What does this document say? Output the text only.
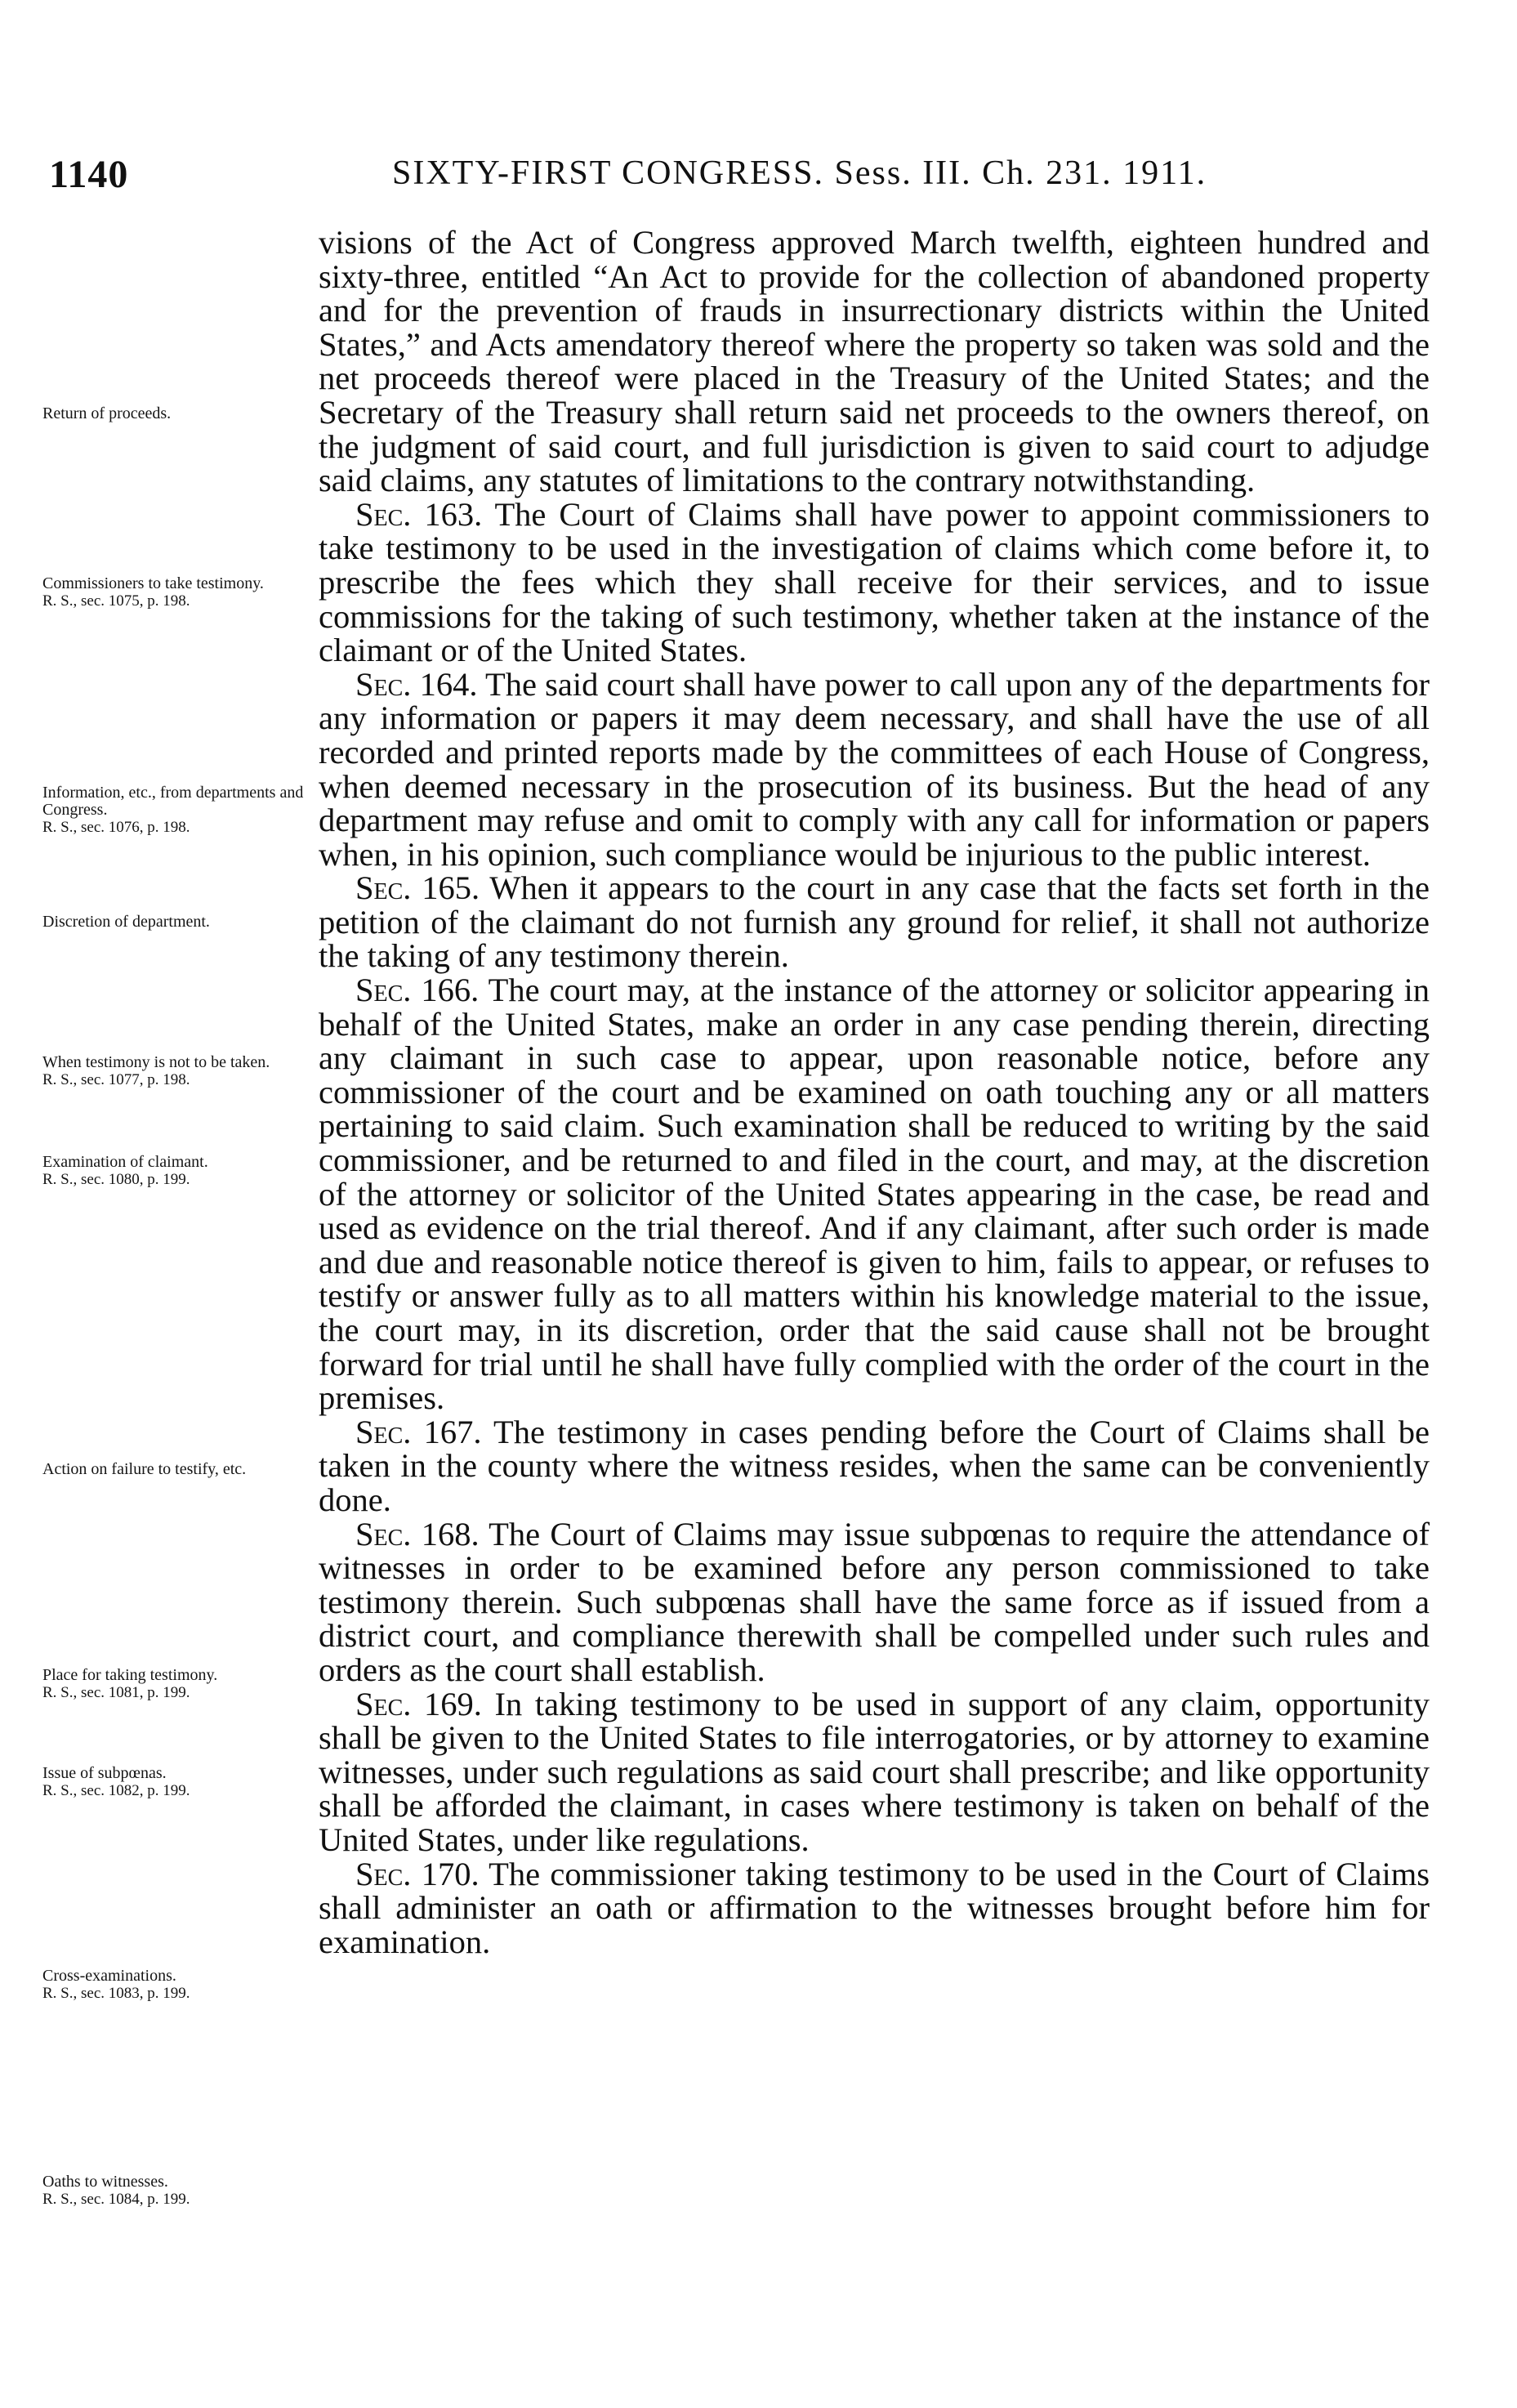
1140	SIXTY-FIRST CONGRESS. Sess. III. Ch. 231. 1911.

visions of the Act of Congress approved March twelfth, eighteen hundred and sixty-three, entitled “An Act to provide for the collection of abandoned property and for the prevention of frauds in insurrectionary districts within the United States,” and Acts amendatory thereof where the property so taken was sold and the net proceeds thereof were placed in the Treasury of the United States; and the Secretary of the Treasury shall return said net proceeds to the owners thereof, on the judgment of said court, and full jurisdiction is given to said court to adjudge said claims, any statutes of limitations to the contrary notwithstanding.

Sec. 163. The Court of Claims shall have power to appoint commissioners to take testimony to be used in the investigation of claims which come before it, to prescribe the fees which they shall receive for their services, and to issue commissions for the taking of such testimony, whether taken at the instance of the claimant or of the United States.

Sec. 164. The said court shall have power to call upon any of the departments for any information or papers it may deem necessary, and shall have the use of all recorded and printed reports made by the committees of each House of Congress, when deemed necessary in the prosecution of its business. But the head of any department may refuse and omit to comply with any call for information or papers when, in his opinion, such compliance would be injurious to the public interest.

Sec. 165. When it appears to the court in any case that the facts set forth in the petition of the claimant do not furnish any ground for relief, it shall not authorize the taking of any testimony therein.

Sec. 166. The court may, at the instance of the attorney or solicitor appearing in behalf of the United States, make an order in any case pending therein, directing any claimant in such case to appear, upon reasonable notice, before any commissioner of the court and be examined on oath touching any or all matters pertaining to said claim. Such examination shall be reduced to writing by the said commissioner, and be returned to and filed in the court, and may, at the discretion of the attorney or solicitor of the United States appearing in the case, be read and used as evidence on the trial thereof. And if any claimant, after such order is made and due and reasonable notice thereof is given to him, fails to appear, or refuses to testify or answer fully as to all matters within his knowledge material to the issue, the court may, in its discretion, order that the said cause shall not be brought forward for trial until he shall have fully complied with the order of the court in the premises.

Sec. 167. The testimony in cases pending before the Court of Claims shall be taken in the county where the witness resides, when the same can be conveniently done.

Sec. 168. The Court of Claims may issue subpœnas to require the attendance of witnesses in order to be examined before any person commissioned to take testimony therein. Such subpœnas shall have the same force as if issued from a district court, and compliance therewith shall be compelled under such rules and orders as the court shall establish.

Sec. 169. In taking testimony to be used in support of any claim, opportunity shall be given to the United States to file interrogatories, or by attorney to examine witnesses, under such regulations as said court shall prescribe; and like opportunity shall be afforded the claimant, in cases where testimony is taken on behalf of the United States, under like regulations.

Sec. 170. The commissioner taking testimony to be used in the Court of Claims shall administer an oath or affirmation to the witnesses brought before him for examination.

Return of proceeds.
Commissioners to take testimony.
R. S., sec. 1075, p. 198.
Information, etc., from departments and Congress.
R. S., sec. 1076, p. 198.
Discretion of department.
When testimony is not to be taken.
R. S., sec. 1077, p. 198.
Examination of claimant.
R. S., sec. 1080, p. 199.
Action on failure to testify, etc.
Place for taking testimony.
R. S., sec. 1081, p. 199.
Issue of subpœnas.
R. S., sec. 1082, p. 199.
Cross-examinations.
R. S., sec. 1083, p. 199.
Oaths to witnesses.
R. S., sec. 1084, p. 199.
